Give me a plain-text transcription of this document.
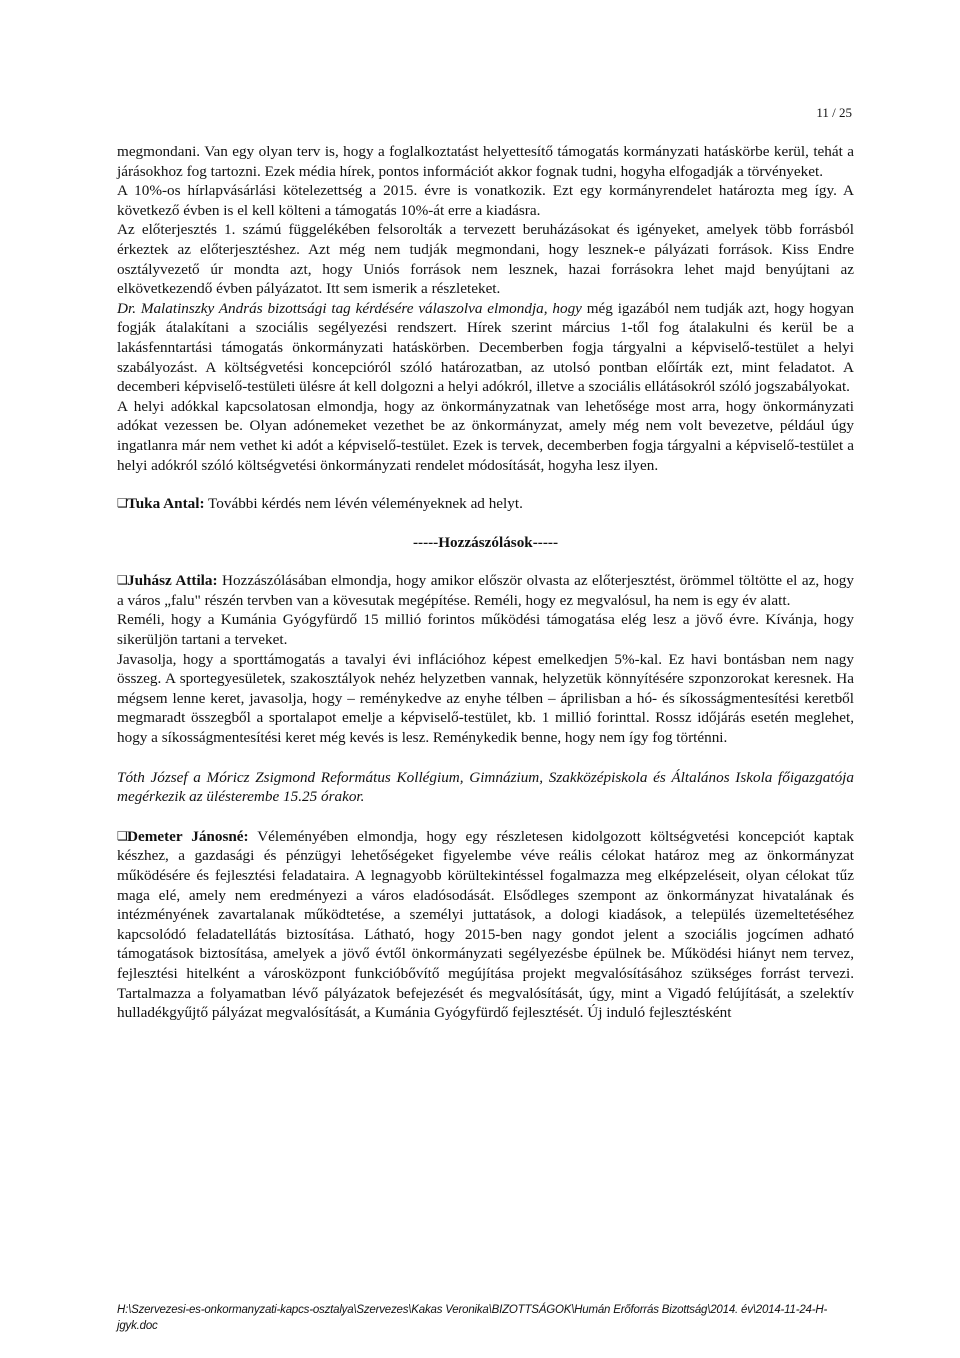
11 / 25

megmondani. Van egy olyan terv is, hogy a foglalkoztatást helyettesítő támogatás kormányzati hatáskörbe kerül, tehát a járásokhoz fog tartozni. Ezek média hírek, pontos információt akkor fognak tudni, hogyha elfogadják a törvényeket.

A 10%-os hírlapvásárlási kötelezettség a 2015. évre is vonatkozik. Ezt egy kormányrendelet határozta meg így. A következő évben is el kell költeni a támogatás 10%-át erre a kiadásra.

Az előterjesztés 1. számú függelékében felsorolták a tervezett beruházásokat és igényeket, amelyek több forrásból érkeztek az előterjesztéshez. Azt még nem tudják megmondani, hogy lesznek-e pályázati források. Kiss Endre osztályvezető úr mondta azt, hogy Uniós források nem lesznek, hazai forrásokra lehet majd benyújtani az elkövetkezendő évben pályázatot. Itt sem ismerik a részleteket.

Dr. Malatinszky András bizottsági tag kérdésére válaszolva elmondja, hogy még igazából nem tudják azt, hogy hogyan fogják átalakítani a szociális segélyezési rendszert. Hírek szerint március 1-től fog átalakulni és kerül be a lakásfenntartási támogatás önkormányzati hatáskörben. Decemberben fogja tárgyalni a képviselő-testület a helyi szabályozást. A költségvetési koncepcióról szóló határozatban, az utolsó pontban előírták ezt, mint feladatot. A decemberi képviselő-testületi ülésre át kell dolgozni a helyi adókról, illetve a szociális ellátásokról szóló jogszabályokat.

A helyi adókkal kapcsolatosan elmondja, hogy az önkormányzatnak van lehetősége most arra, hogy önkormányzati adókat vezessen be. Olyan adónemeket vezethet be az önkormányzat, amely még nem volt bevezetve, például úgy ingatlanra már nem vethet ki adót a képviselő-testület. Ezek is tervek, decemberben fogja tárgyalni a képviselő-testület a helyi adókról szóló költségvetési önkormányzati rendelet módosítását, hogyha lesz ilyen.

❑Tuka Antal: További kérdés nem lévén véleményeknek ad helyt.

-----Hozzászólások-----

❑Juhász Attila: Hozzászólásában elmondja, hogy amikor először olvasta az előterjesztést, örömmel töltötte el az, hogy a város „falu" részén tervben van a kövesutak megépítése. Reméli, hogy ez megvalósul, ha nem is egy év alatt.

Reméli, hogy a Kumánia Gyógyfürdő 15 millió forintos működési támogatása elég lesz a jövő évre. Kívánja, hogy sikerüljön tartani a terveket.

Javasolja, hogy a sporttámogatás a tavalyi évi inflációhoz képest emelkedjen 5%-kal. Ez havi bontásban nem nagy összeg. A sportegyesületek, szakosztályok nehéz helyzetben vannak, helyzetük könnyítésére szponzorokat keresnek. Ha mégsem lenne keret, javasolja, hogy – reménykedve az enyhe télben – áprilisban a hó- és síkosságmentesítési keretből megmaradt összegből a sportalapot emelje a képviselő-testület, kb. 1 millió forinttal. Rossz időjárás esetén meglehet, hogy a síkosságmentesítési keret még kevés is lesz. Reménykedik benne, hogy nem így fog történni.

Tóth József a Móricz Zsigmond Református Kollégium, Gimnázium, Szakközépiskola és Általános Iskola főigazgatója megérkezik az ülésterembe 15.25 órakor.

❑Demeter Jánosné: Véleményében elmondja, hogy egy részletesen kidolgozott költségvetési koncepciót kaptak készhez, a gazdasági és pénzügyi lehetőségeket figyelembe véve reális célokat határoz meg az önkormányzat működésére és fejlesztési feladataira. A legnagyobb körültekintéssel fogalmazza meg elképzeléseit, olyan célokat tűz maga elé, amely nem eredményezi a város eladósodását. Elsődleges szempont az önkormányzat hivatalának és intézményének zavartalanak működtetése, a személyi juttatások, a dologi kiadások, a település üzemeltetéséhez kapcsolódó feladatellátás biztosítása. Látható, hogy 2015-ben nagy gondot jelent a szociális jogcímen adható támogatások biztosítása, amelyek a jövő évtől önkormányzati segélyezésbe épülnek be. Működési hiányt nem tervez, fejlesztési hitelként a városközpont funkcióbővítő megújítása projekt megvalósításához szükséges forrást tervezi. Tartalmazza a folyamatban lévő pályázatok befejezését és megvalósítását, úgy, mint a Vigadó felújítását, a szelektív hulladékgyűjtő pályázat megvalósítását, a Kumánia Gyógyfürdő fejlesztését. Új induló fejlesztésként

H:\Szervezesi-es-onkormanyzati-kapcs-osztalya\Szervezes\Kakas Veronika\BIZOTTSÁGOK\Humán Erőforrás Bizottság\2014. év\2014-11-24-H-jgyk.doc
